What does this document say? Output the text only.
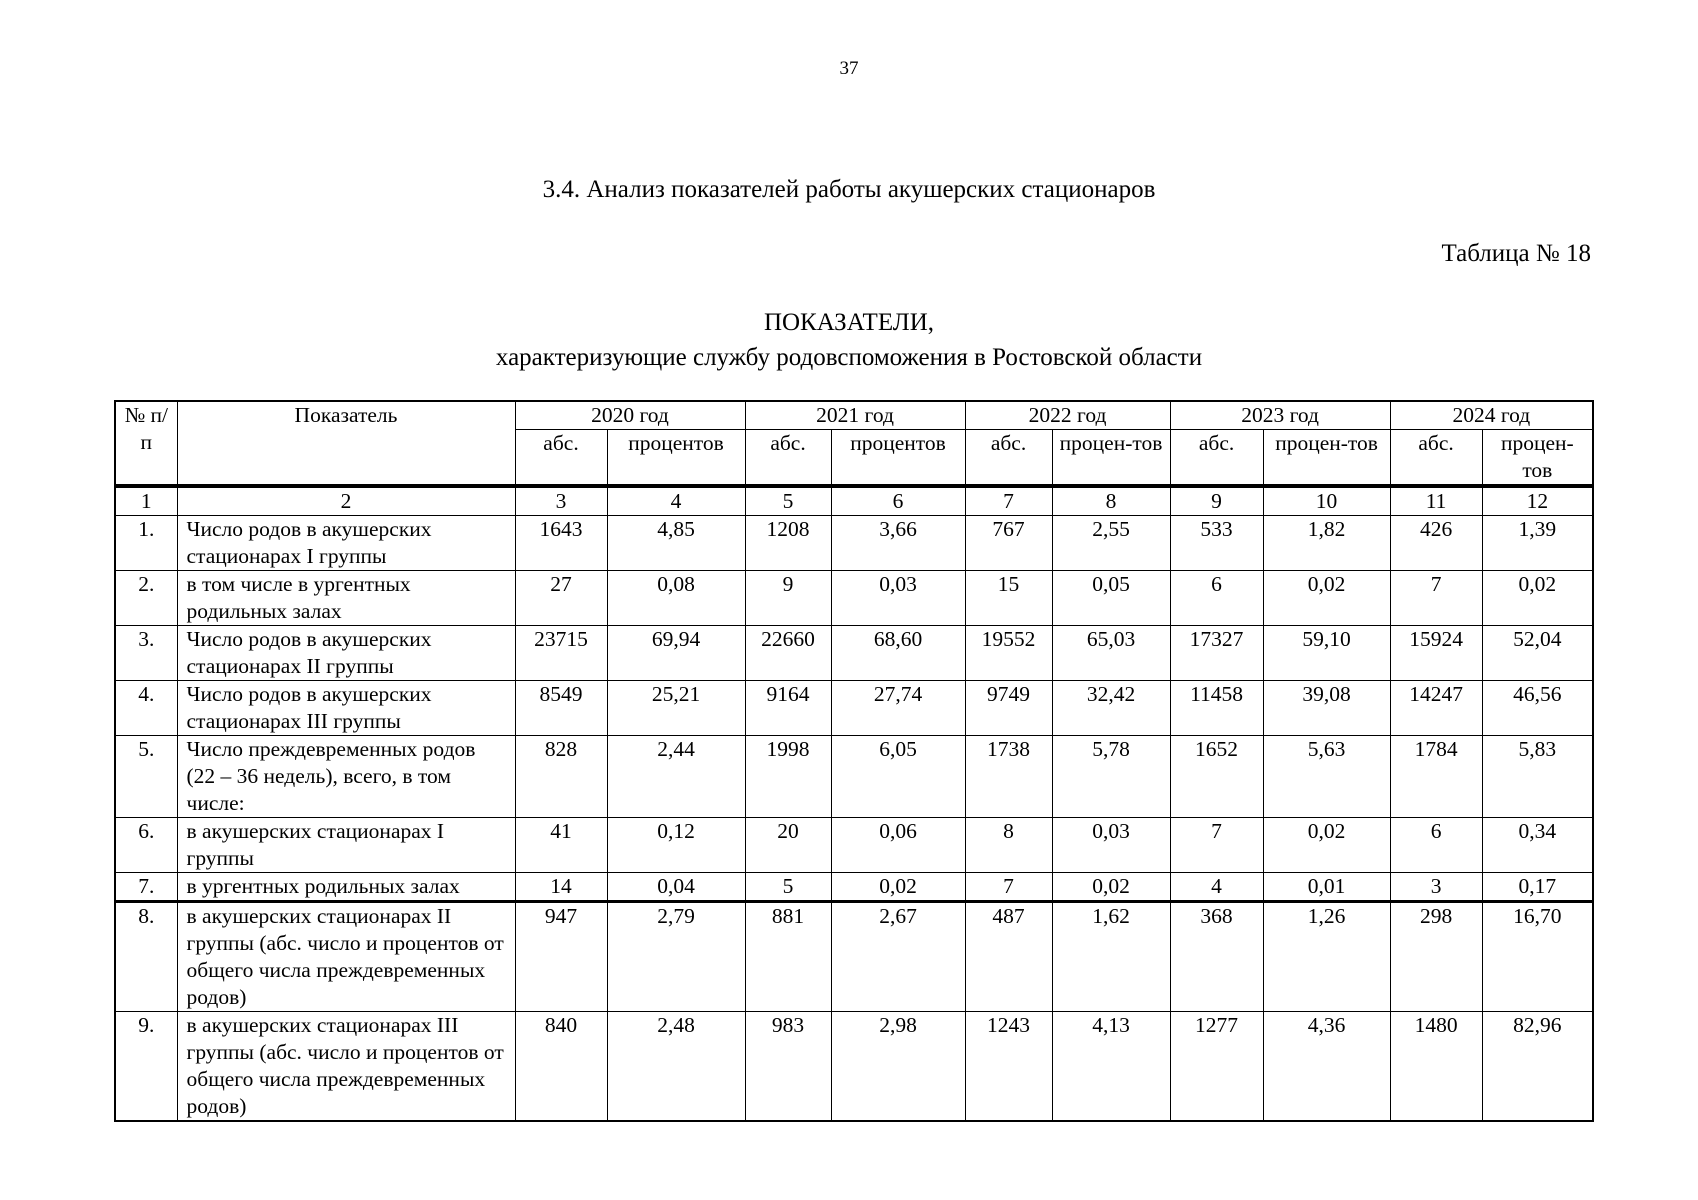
37
3.4. Анализ показателей работы акушерских стационаров
Таблица № 18
ПОКАЗАТЕЛИ,
характеризующие службу родовспоможения в Ростовской области
№ п/п	Показатель	2020 год		2021 год		2022 год		2023 год		2024 год	
		абс.	процентов	абс.	процентов	абс.	процен-тов	абс.	процен-тов	абс.	процен-тов
1	2	3	4	5	6	7	8	9	10	11	12
1.	Число родов в акушерских стационарах I группы	1643	4,85	1208	3,66	767	2,55	533	1,82	426	1,39
2.	в том числе в ургентных родильных залах	27	0,08	9	0,03	15	0,05	6	0,02	7	0,02
3.	Число родов в акушерских стационарах II группы	23715	69,94	22660	68,60	19552	65,03	17327	59,10	15924	52,04
4.	Число родов в акушерских стационарах III группы	8549	25,21	9164	27,74	9749	32,42	11458	39,08	14247	46,56
5.	Число преждевременных родов (22 – 36 недель), всего, в том числе:	828	2,44	1998	6,05	1738	5,78	1652	5,63	1784	5,83
6.	в акушерских стационарах I группы	41	0,12	20	0,06	8	0,03	7	0,02	6	0,34
7.	в ургентных родильных залах	14	0,04	5	0,02	7	0,02	4	0,01	3	0,17
8.	в акушерских стационарах II группы (абс. число и процентов от общего числа преждевременных родов)	947	2,79	881	2,67	487	1,62	368	1,26	298	16,70
9.	в акушерских стационарах III группы (абс. число и процентов от общего числа преждевременных родов)	840	2,48	983	2,98	1243	4,13	1277	4,36	1480	82,96
